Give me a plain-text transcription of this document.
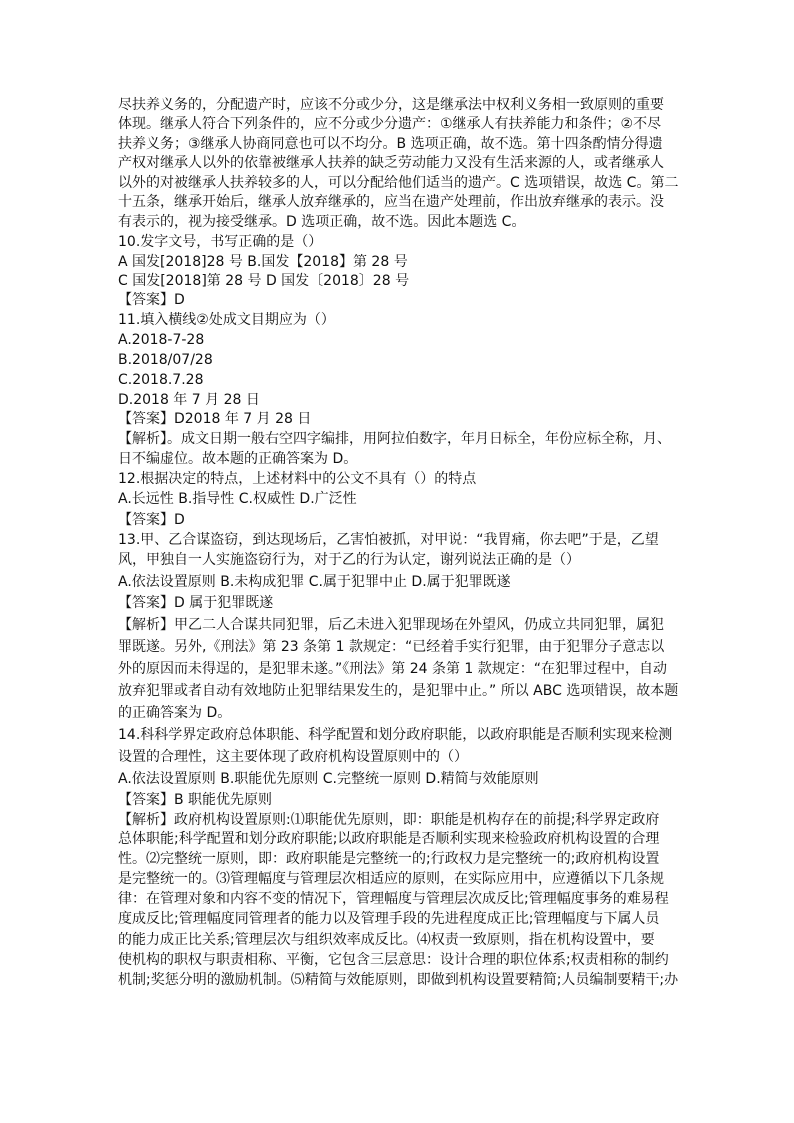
尽扶养义务的，分配遗产时，应该不分或少分，这是继承法中权利义务相一致原则的重要
体现。继承人符合下列条件的，应不分或少分遗产：①继承人有扶养能力和条件；②不尽
扶养义务；③继承人协商同意也可以不均分。B 选项正确，故不选。第十四条酌情分得遗
产权对继承人以外的依靠被继承人扶养的缺乏劳动能力又没有生活来源的人，或者继承人
以外的对被继承人扶养较多的人，可以分配给他们适当的遗产。C 选项错误，故选 C。第二
十五条，继承开始后，继承人放弃继承的，应当在遗产处理前，作出放弃继承的表示。没
有表示的，视为接受继承。D 选项正确，故不选。因此本题选 C。
10.发字文号，书写正确的是（）
A 国发[2018]28 号 B.国发【2018】第 28 号
C 国发[2018]第 28 号 D 国发〔2018〕28 号
【答案】D
11.填入横线②处成文目期应为（）
A.2018-7-28
B.2018/07/28
C.2018.7.28
D.2018 年 7 月 28 日
【答案】D2018 年 7 月 28 日
【解析】。成文日期一般右空四字编排，用阿拉伯数字，年月日标全，年份应标全称，月、
日不编虚位。故本题的正确答案为 D。
12.根据决定的特点，上述材料中的公文不具有（）的特点
A.长远性 B.指导性 C.权威性 D.广泛性
【答案】D
13.甲、乙合谋盗窃，到达现场后，乙害怕被抓，对甲说：“我胃痛，你去吧”于是，乙望
风，甲独自一人实施盗窃行为，对于乙的行为认定，谢列说法正确的是（）
A.依法设置原则 B.未构成犯罪 C.属于犯罪中止 D.属于犯罪既遂
【答案】D 属于犯罪既遂
【解析】甲乙二人合谋共同犯罪，后乙未进入犯罪现场在外望风，仍成立共同犯罪，属犯
罪既遂。另外,《刑法》第 23 条第 1 款规定：“已经着手实行犯罪，由于犯罪分子意志以
外的原因而未得逞的，是犯罪未遂。”《刑法》第 24 条第 1 款规定：“在犯罪过程中，自动
放弃犯罪或者自动有效地防止犯罪结果发生的，是犯罪中止。” 所以 ABC 选项错误，故本题
的正确答案为 D。
14.科科学界定政府总体职能、科学配置和划分政府职能，以政府职能是否顺利实现来检测
设置的合理性，这主要体现了政府机构设置原则中的（）
A.依法设置原则 B.职能优先原则 C.完整统一原则 D.精简与效能原则
【答案】B 职能优先原则
【解析】政府机构设置原则:⑴职能优先原则，即：职能是机构存在的前提;科学界定政府
总体职能;科学配置和划分政府职能;以政府职能是否顺利实现来检验政府机构设置的合理
性。⑵完整统一原则，即：政府职能是完整统一的;行政权力是完整统一的;政府机构设置
是完整统一的。⑶管理幅度与管理层次相适应的原则，在实际应用中，应遵循以下几条规
律：在管理对象和内容不变的情况下，管理幅度与管理层次成反比;管理幅度事务的难易程
度成反比;管理幅度同管理者的能力以及管理手段的先进程度成正比;管理幅度与下属人员
的能力成正比关系;管理层次与组织效率成反比。⑷权责一致原则，指在机构设置中，要
使机构的职权与职责相称、平衡，它包含三层意思：设计合理的职位体系;权责相称的制约
机制;奖惩分明的激励机制。⑸精简与效能原则，即做到机构设置要精简;人员编制要精干;办
